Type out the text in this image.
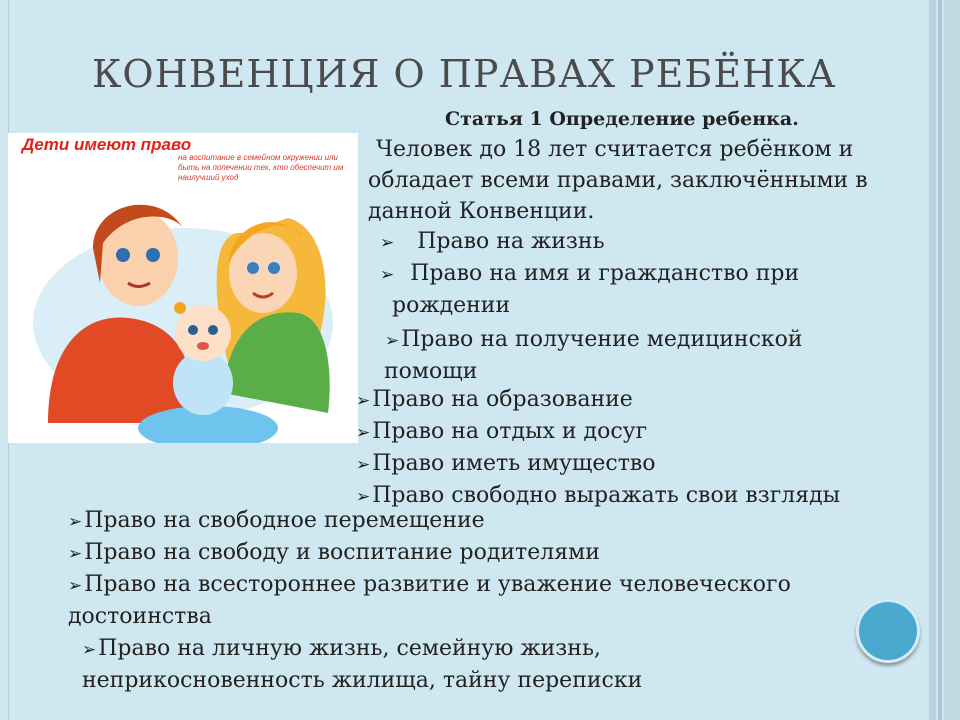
КОНВЕНЦИЯ О ПРАВАХ РЕБЁНКА
Статья 1 Определение ребенка.
Человек до 18 лет считается ребёнком и
обладает всеми правами, заключёнными в
данной Конвенции.
Дети имеют право
на воспитание в семейном окружении или быть на попечении тех, кто обеспечит им наилучший уход
➢ Право на жизнь
➢ Право на имя и гражданство при
рождении
➢Право на получение медицинской
помощи
➢Право на образование
➢Право на отдых и досуг
➢Право иметь имущество
➢Право свободно выражать свои взгляды
➢Право на свободное перемещение
➢Право на свободу и воспитание родителями
➢Право на всестороннее развитие и уважение человеческого
достоинства
➢Право на личную жизнь, семейную жизнь,
неприкосновенность жилища, тайну переписки
